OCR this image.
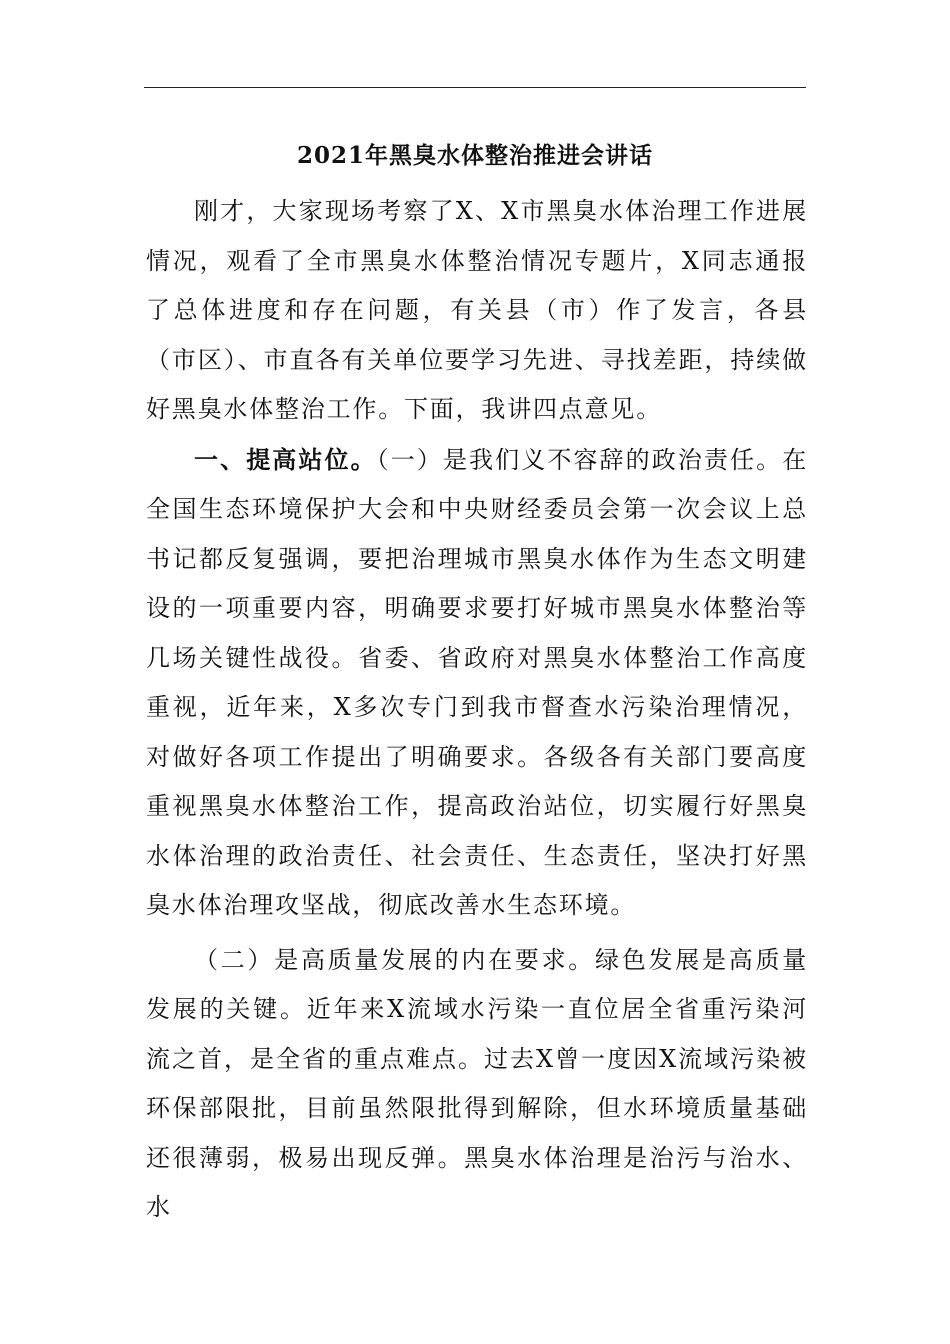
2021年黑臭水体整治推进会讲话

刚才，大家现场考察了X、X市黑臭水体治理工作进展情况，观看了全市黑臭水体整治情况专题片，X同志通报了总体进度和存在问题，有关县（市）作了发言，各县（市区）、市直各有关单位要学习先进、寻找差距，持续做好黑臭水体整治工作。下面，我讲四点意见。

一、提高站位。（一）是我们义不容辞的政治责任。在全国生态环境保护大会和中央财经委员会第一次会议上总书记都反复强调，要把治理城市黑臭水体作为生态文明建设的一项重要内容，明确要求要打好城市黑臭水体整治等几场关键性战役。省委、省政府对黑臭水体整治工作高度重视，近年来，X多次专门到我市督查水污染治理情况，对做好各项工作提出了明确要求。各级各有关部门要高度重视黑臭水体整治工作，提高政治站位，切实履行好黑臭水体治理的政治责任、社会责任、生态责任，坚决打好黑臭水体治理攻坚战，彻底改善水生态环境。

（二）是高质量发展的内在要求。绿色发展是高质量发展的关键。近年来X流域水污染一直位居全省重污染河流之首，是全省的重点难点。过去X曾一度因X流域污染被环保部限批，目前虽然限批得到解除，但水环境质量基础还很薄弱，极易出现反弹。黑臭水体治理是治污与治水、水
